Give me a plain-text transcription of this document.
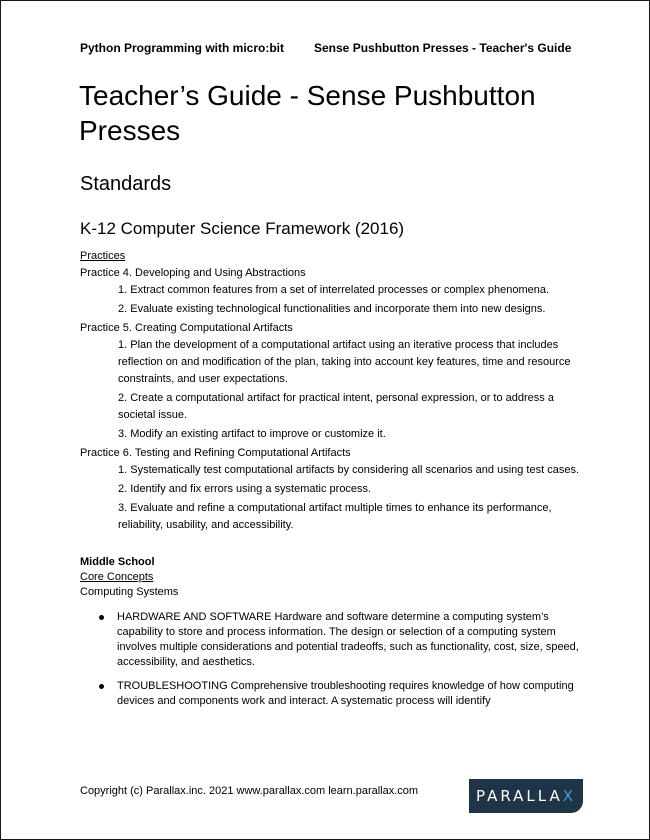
Python Programming with micro:bit Sense Pushbutton Presses - Teacher's Guide
Teacher’s Guide - Sense Pushbutton Presses
Standards
K-12 Computer Science Framework (2016)
Practices
Practice 4. Developing and Using Abstractions
1. Extract common features from a set of interrelated processes or complex phenomena.
2. Evaluate existing technological functionalities and incorporate them into new designs.
Practice 5. Creating Computational Artifacts
1. Plan the development of a computational artifact using an iterative process that includes reflection on and modification of the plan, taking into account key features, time and resource constraints, and user expectations.
2. Create a computational artifact for practical intent, personal expression, or to address a societal issue.
3. Modify an existing artifact to improve or customize it.
Practice 6. Testing and Refining Computational Artifacts
1. Systematically test computational artifacts by considering all scenarios and using test cases.
2. Identify and fix errors using a systematic process.
3. Evaluate and refine a computational artifact multiple times to enhance its performance, reliability, usability, and accessibility.
Middle School
Core Concepts
Computing Systems
HARDWARE AND SOFTWARE Hardware and software determine a computing system’s capability to store and process information. The design or selection of a computing system involves multiple considerations and potential tradeoffs, such as functionality, cost, size, speed, accessibility, and aesthetics.
TROUBLESHOOTING Comprehensive troubleshooting requires knowledge of how computing devices and components work and interact. A systematic process will identify
Copyright (c) Parallax.inc. 2021 www.parallax.com learn.parallax.com	PARALLA X
